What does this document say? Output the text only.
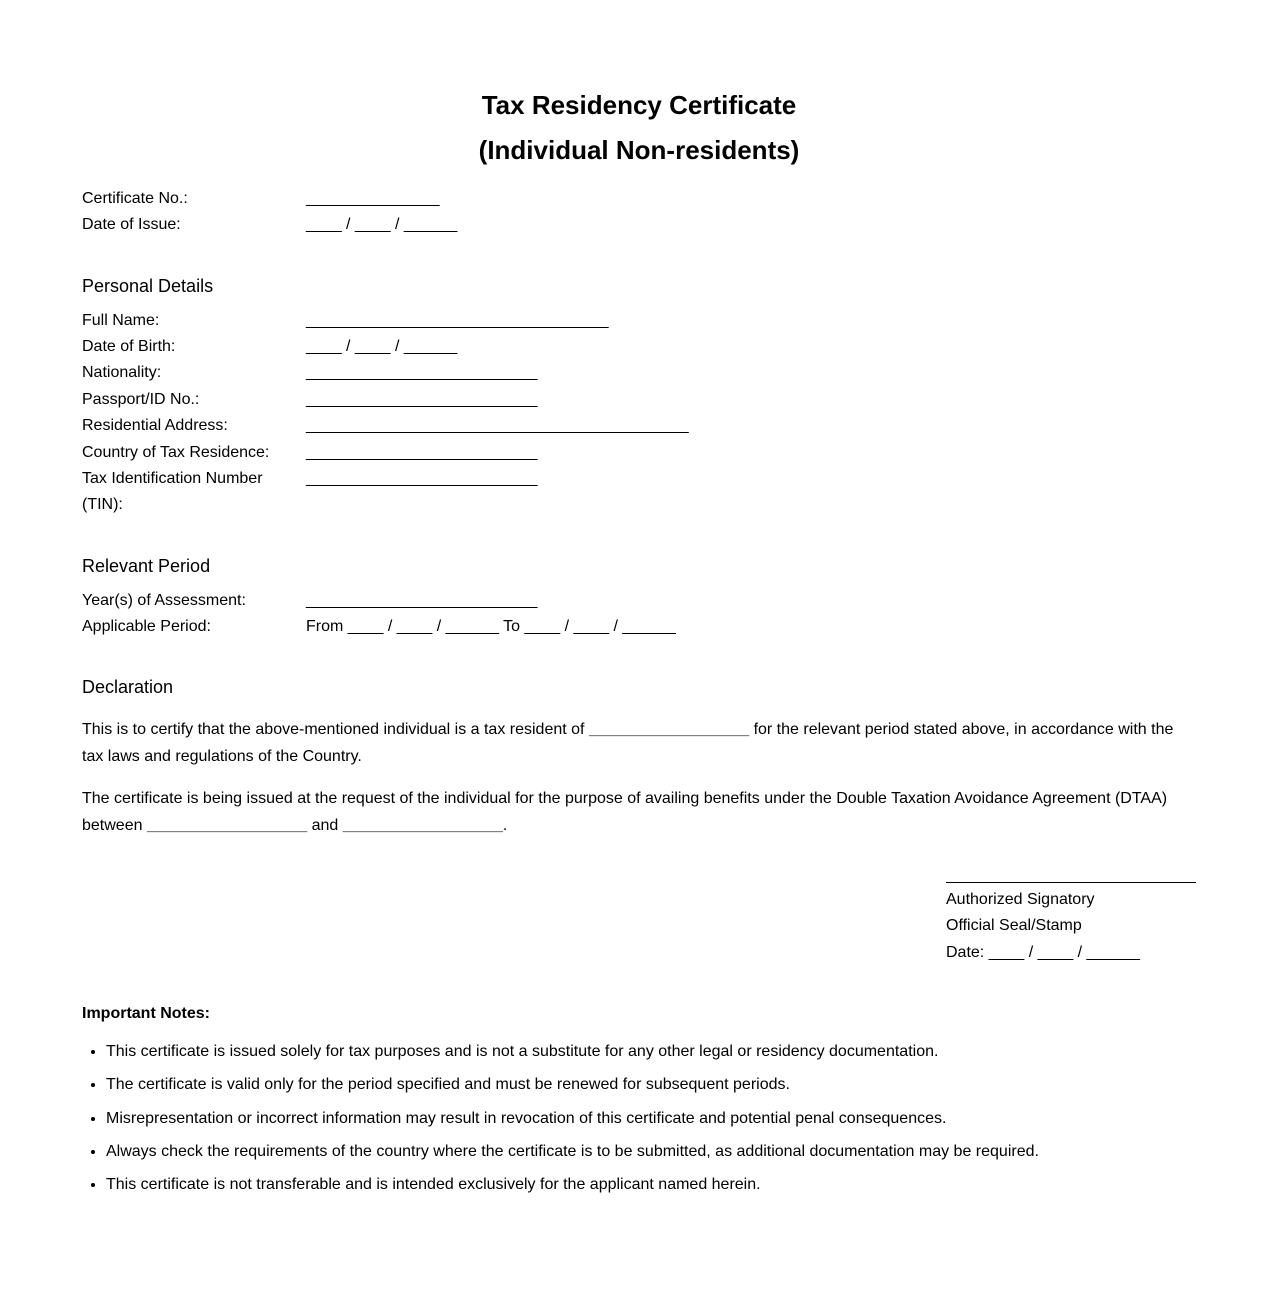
Tax Residency Certificate
(Individual Non-residents)
Certificate No.:	_______________
Date of Issue:	____ / ____ / ______
Personal Details
Full Name:	__________________________________
Date of Birth:	____ / ____ / ______
Nationality:	__________________________
Passport/ID No.:	__________________________
Residential Address:	___________________________________________
Country of Tax Residence:	__________________________
Tax Identification Number (TIN):
__________________________
Relevant Period
Year(s) of Assessment:	__________________________
Applicable Period:	From ____ / ____ / ______ To ____ / ____ / ______
Declaration
This is to certify that the above-mentioned individual is a tax resident of __________________ for the relevant period stated above, in accordance with the tax laws and regulations of the Country.
The certificate is being issued at the request of the individual for the purpose of availing benefits under the Double Taxation Avoidance Agreement (DTAA) between __________________ and __________________.
Authorized Signatory
Official Seal/Stamp
Date: ____ / ____ / ______
Important Notes:
• This certificate is issued solely for tax purposes and is not a substitute for any other legal or residency documentation.
• The certificate is valid only for the period specified and must be renewed for subsequent periods.
• Misrepresentation or incorrect information may result in revocation of this certificate and potential penal consequences.
• Always check the requirements of the country where the certificate is to be submitted, as additional documentation may be required.
• This certificate is not transferable and is intended exclusively for the applicant named herein.
